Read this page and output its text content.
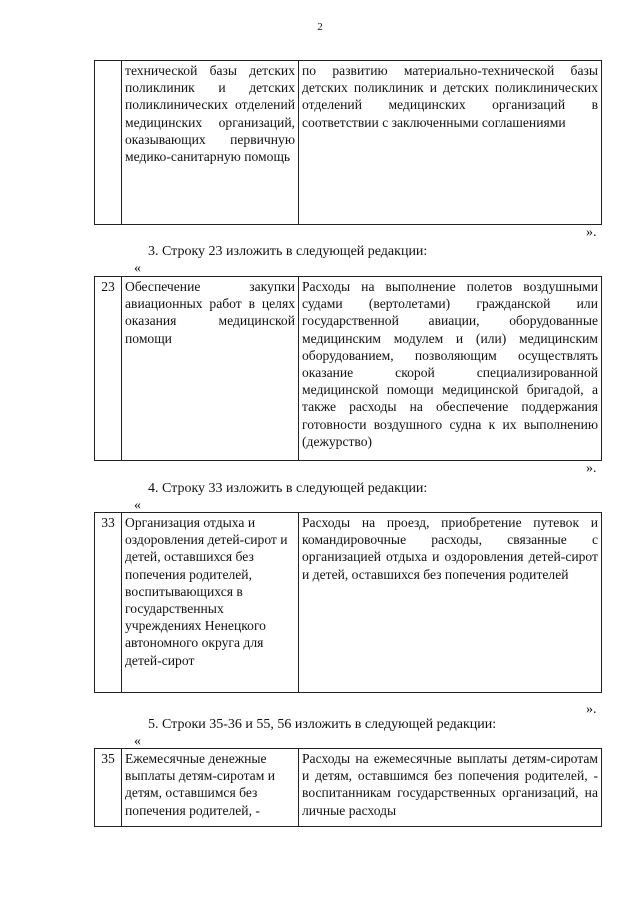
2
	технической базы детских поликлиник и детских поликлинических отделений медицинских организаций, оказывающих первичную медико-санитарную помощь	по развитию материально-технической базы детских поликлиник и детских поликлинических отделений медицинских организаций в соответствии с заключенными соглашениями
».
3. Строку 23 изложить в следующей редакции:
«
23	Обеспечение закупки авиационных работ в целях оказания медицинской помощи	Расходы на выполнение полетов воздушными судами (вертолетами) гражданской или государственной авиации, оборудованные медицинским модулем и (или) медицинским оборудованием, позволяющим осуществлять оказание скорой специализированной медицинской помощи медицинской бригадой, а также расходы на обеспечение поддержания готовности воздушного судна к их выполнению (дежурство)
».
4. Строку 33 изложить в следующей редакции:
«
33	Организация отдыха и оздоровления детей-сирот и детей, оставшихся без попечения родителей, воспитывающихся в государственных учреждениях Ненецкого автономного округа для детей-сирот	Расходы на проезд, приобретение путевок и командировочные расходы, связанные с организацией отдыха и оздоровления детей-сирот и детей, оставшихся без попечения родителей
».
5. Строки 35-36 и 55, 56 изложить в следующей редакции:
«
35	Ежемесячные денежные выплаты детям-сиротам и детям, оставшимся без попечения родителей, -	Расходы на ежемесячные выплаты детям-сиротам и детям, оставшимся без попечения родителей, - воспитанникам государственных организаций, на личные расходы
